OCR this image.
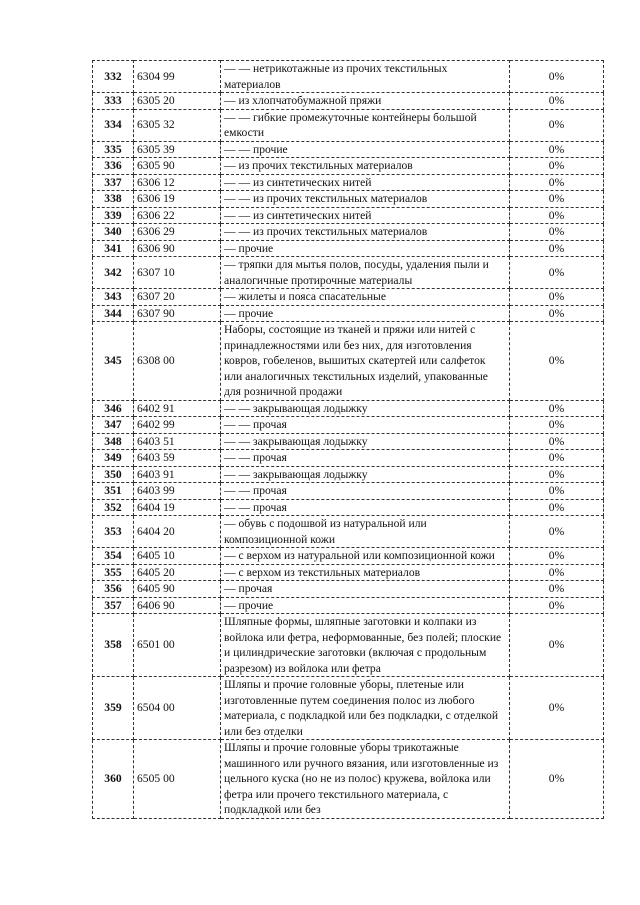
332	6304 99	— — нетрикотажные из прочих текстильных материалов	0%
333	6305 20	— из хлопчатобумажной пряжи	0%
334	6305 32	— — гибкие промежуточные контейнеры большой емкости	0%
335	6305 39	— — прочие	0%
336	6305 90	— из прочих текстильных материалов	0%
337	6306 12	— — из синтетических нитей	0%
338	6306 19	— — из прочих текстильных материалов	0%
339	6306 22	— — из синтетических нитей	0%
340	6306 29	— — из прочих текстильных материалов	0%
341	6306 90	— прочие	0%
342	6307 10	— тряпки для мытья полов, посуды, удаления пыли и аналогичные протирочные материалы	0%
343	6307 20	— жилеты и пояса спасательные	0%
344	6307 90	— прочие	0%
345	6308 00	Наборы, состоящие из тканей и пряжи или нитей с принадлежностями или без них, для изготовления ковров, гобеленов, вышитых скатертей или салфеток или аналогичных текстильных изделий, упакованные для розничной продажи	0%
346	6402 91	— — закрывающая лодыжку	0%
347	6402 99	— — прочая	0%
348	6403 51	— — закрывающая лодыжку	0%
349	6403 59	— — прочая	0%
350	6403 91	— — закрывающая лодыжку	0%
351	6403 99	— — прочая	0%
352	6404 19	— — прочая	0%
353	6404 20	— обувь с подошвой из натуральной или композиционной кожи	0%
354	6405 10	— с верхом из натуральной или композиционной кожи	0%
355	6405 20	— с верхом из текстильных материалов	0%
356	6405 90	— прочая	0%
357	6406 90	— прочие	0%
358	6501 00	Шляпные формы, шляпные заготовки и колпаки из войлока или фетра, неформованные, без полей; плоские и цилиндрические заготовки (включая с продольным разрезом) из войлока или фетра	0%
359	6504 00	Шляпы и прочие головные уборы, плетеные или изготовленные путем соединения полос из любого материала, с подкладкой или без подкладки, с отделкой или без отделки	0%
360	6505 00	Шляпы и прочие головные уборы трикотажные машинного или ручного вязания, или изготовленные из цельного куска (но не из полос) кружева, войлока или фетра или прочего текстильного материала, с подкладкой или без	0%
